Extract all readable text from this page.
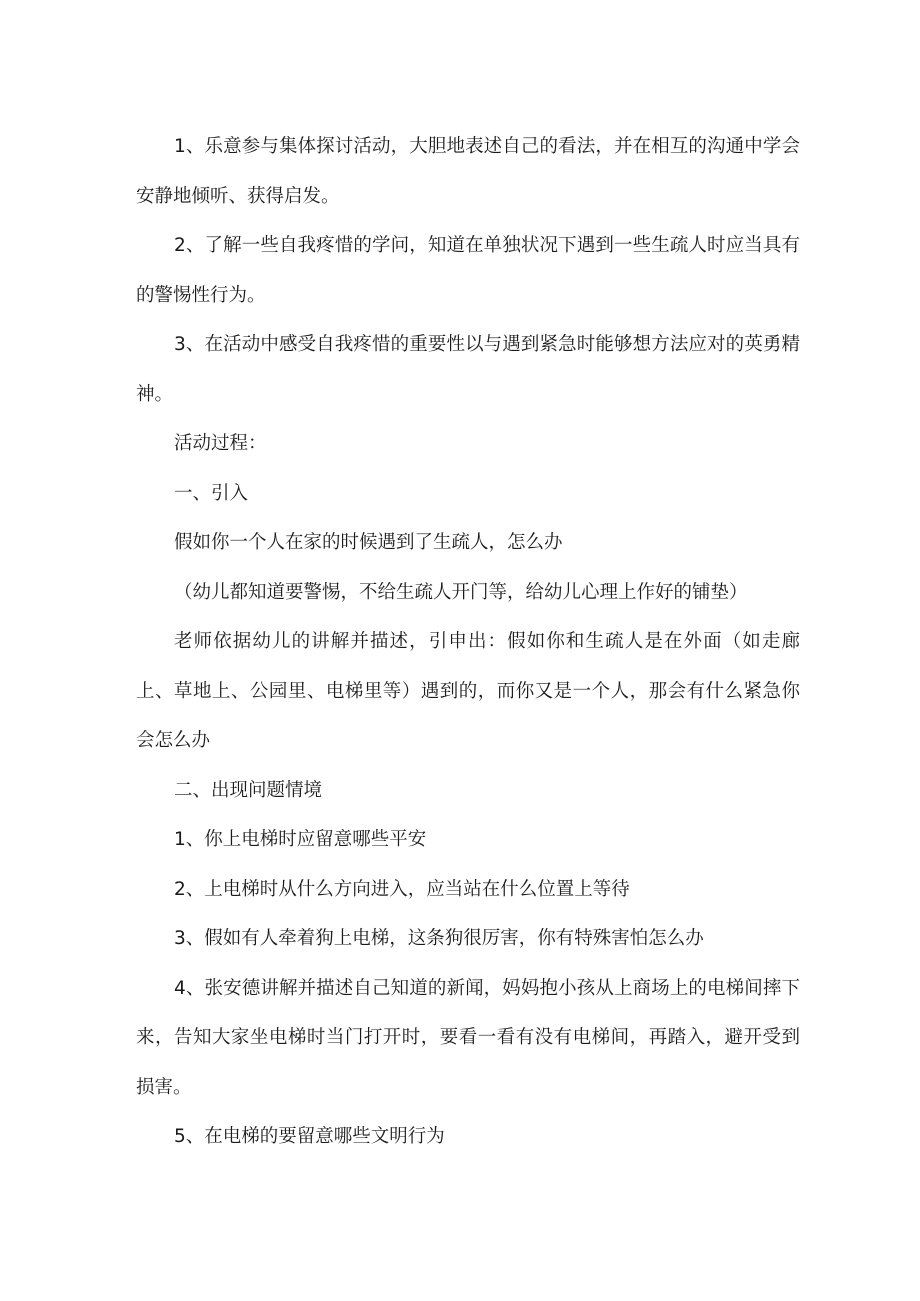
1、乐意参与集体探讨活动，大胆地表述自己的看法，并在相互的沟通中学会安静地倾听、获得启发。

2、了解一些自我疼惜的学问，知道在单独状况下遇到一些生疏人时应当具有的警惕性行为。

3、在活动中感受自我疼惜的重要性以与遇到紧急时能够想方法应对的英勇精神。

活动过程：

一、引入

假如你一个人在家的时候遇到了生疏人，怎么办

（幼儿都知道要警惕，不给生疏人开门等，给幼儿心理上作好的铺垫）

老师依据幼儿的讲解并描述，引申出：假如你和生疏人是在外面（如走廊上、草地上、公园里、电梯里等）遇到的，而你又是一个人，那会有什么紧急你会怎么办

二、出现问题情境

1、你上电梯时应留意哪些平安

2、上电梯时从什么方向进入，应当站在什么位置上等待

3、假如有人牵着狗上电梯，这条狗很厉害，你有特殊害怕怎么办

4、张安德讲解并描述自己知道的新闻，妈妈抱小孩从上商场上的电梯间摔下来，告知大家坐电梯时当门打开时，要看一看有没有电梯间，再踏入，避开受到损害。

5、在电梯的要留意哪些文明行为
